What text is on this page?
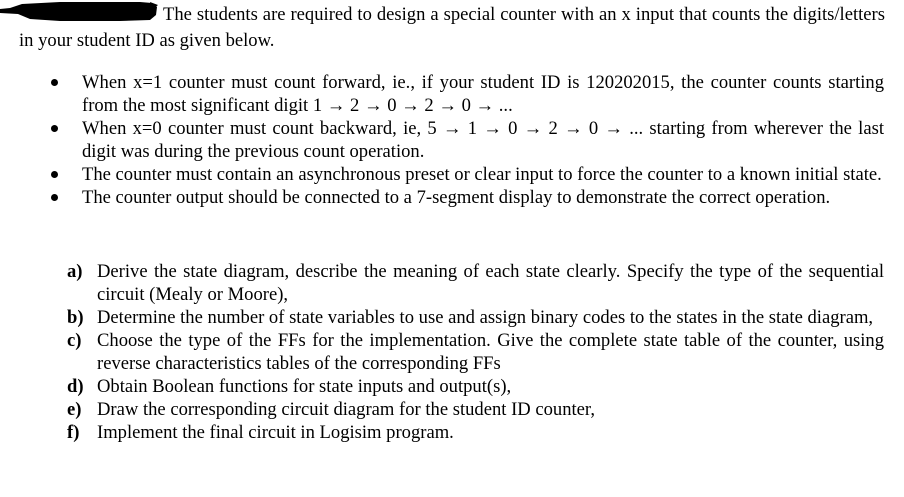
The students are required to design a special counter with an x input that counts the digits/letters in your student ID as given below.

When x=1 counter must count forward, ie., if your student ID is 120202015, the counter counts starting from the most significant digit 1 → 2 → 0 → 2 → 0 → ...
When x=0 counter must count backward, ie, 5 → 1 → 0 → 2 → 0 → ... starting from wherever the last digit was during the previous count operation.
The counter must contain an asynchronous preset or clear input to force the counter to a known initial state.
The counter output should be connected to a 7-segment display to demonstrate the correct operation.
a) Derive the state diagram, describe the meaning of each state clearly. Specify the type of the sequential circuit (Mealy or Moore),
b) Determine the number of state variables to use and assign binary codes to the states in the state diagram,
c) Choose the type of the FFs for the implementation. Give the complete state table of the counter, using reverse characteristics tables of the corresponding FFs
d) Obtain Boolean functions for state inputs and output(s),
e) Draw the corresponding circuit diagram for the student ID counter,
f) Implement the final circuit in Logisim program.
